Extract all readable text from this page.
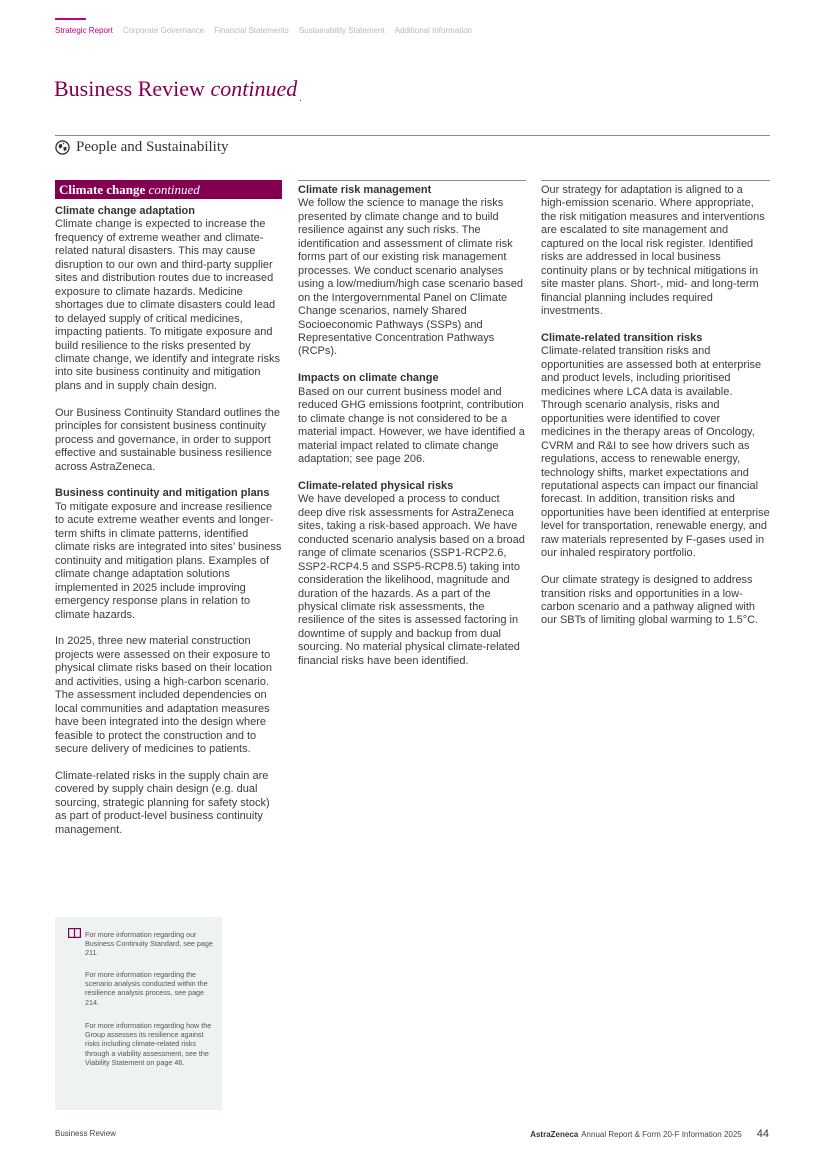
Strategic Report Corporate Governance Financial Statements Sustainability Statement Additional Information
Business Review continued
People and Sustainability
Climate change continued
Climate change adaptation

Climate change is expected to increase the frequency of extreme weather and climate-related natural disasters. This may cause disruption to our own and third-party supplier sites and distribution routes due to increased exposure to climate hazards. Medicine shortages due to climate disasters could lead to delayed supply of critical medicines, impacting patients. To mitigate exposure and build resilience to the risks presented by climate change, we identify and integrate risks into site business continuity and mitigation plans and in supply chain design.

Our Business Continuity Standard outlines the principles for consistent business continuity process and governance, in order to support effective and sustainable business resilience across AstraZeneca.

Business continuity and mitigation plans

To mitigate exposure and increase resilience to acute extreme weather events and longer-term shifts in climate patterns, identified climate risks are integrated into sites’ business continuity and mitigation plans. Examples of climate change adaptation solutions implemented in 2025 include improving emergency response plans in relation to climate hazards.

In 2025, three new material construction projects were assessed on their exposure to physical climate risks based on their location and activities, using a high-carbon scenario. The assessment included dependencies on local communities and adaptation measures have been integrated into the design where feasible to protect the construction and to secure delivery of medicines to patients.

Climate-related risks in the supply chain are covered by supply chain design (e.g. dual sourcing, strategic planning for safety stock) as part of product-level business continuity management.

Climate risk management

We follow the science to manage the risks presented by climate change and to build resilience against any such risks. The identification and assessment of climate risk forms part of our existing risk management processes. We conduct scenario analyses using a low/medium/high case scenario based on the Intergovernmental Panel on Climate Change scenarios, namely Shared Socioeconomic Pathways (SSPs) and Representative Concentration Pathways (RCPs).

Impacts on climate change

Based on our current business model and reduced GHG emissions footprint, contribution to climate change is not considered to be a material impact. However, we have identified a material impact related to climate change adaptation; see page 206.

Climate-related physical risks

We have developed a process to conduct deep dive risk assessments for AstraZeneca sites, taking a risk-based approach. We have conducted scenario analysis based on a broad range of climate scenarios (SSP1-RCP2.6, SSP2-RCP4.5 and SSP5-RCP8.5) taking into consideration the likelihood, magnitude and duration of the hazards. As a part of the physical climate risk assessments, the resilience of the sites is assessed factoring in downtime of supply and backup from dual sourcing. No material physical climate-related financial risks have been identified.

Our strategy for adaptation is aligned to a high-emission scenario. Where appropriate, the risk mitigation measures and interventions are escalated to site management and captured on the local risk register. Identified risks are addressed in local business continuity plans or by technical mitigations in site master plans. Short-, mid- and long-term financial planning includes required investments.

Climate-related transition risks

Climate-related transition risks and opportunities are assessed both at enterprise and product levels, including prioritised medicines where LCA data is available. Through scenario analysis, risks and opportunities were identified to cover medicines in the therapy areas of Oncology, CVRM and R&I to see how drivers such as regulations, access to renewable energy, technology shifts, market expectations and reputational aspects can impact our financial forecast. In addition, transition risks and opportunities have been identified at enterprise level for transportation, renewable energy, and raw materials represented by F-gases used in our inhaled respiratory portfolio.

Our climate strategy is designed to address transition risks and opportunities in a low-carbon scenario and a pathway aligned with our SBTs of limiting global warming to 1.5°C.

For more information regarding our Business Continuity Standard, see page 211.
For more information regarding the scenario analysis conducted within the resilience analysis process, see page 214.
For more information regarding how the Group assesses its resilience against risks including climate-related risks through a viability assessment, see the Viability Statement on page 46.
Business Review	AstraZeneca Annual Report & Form 20-F Information 2025 44
